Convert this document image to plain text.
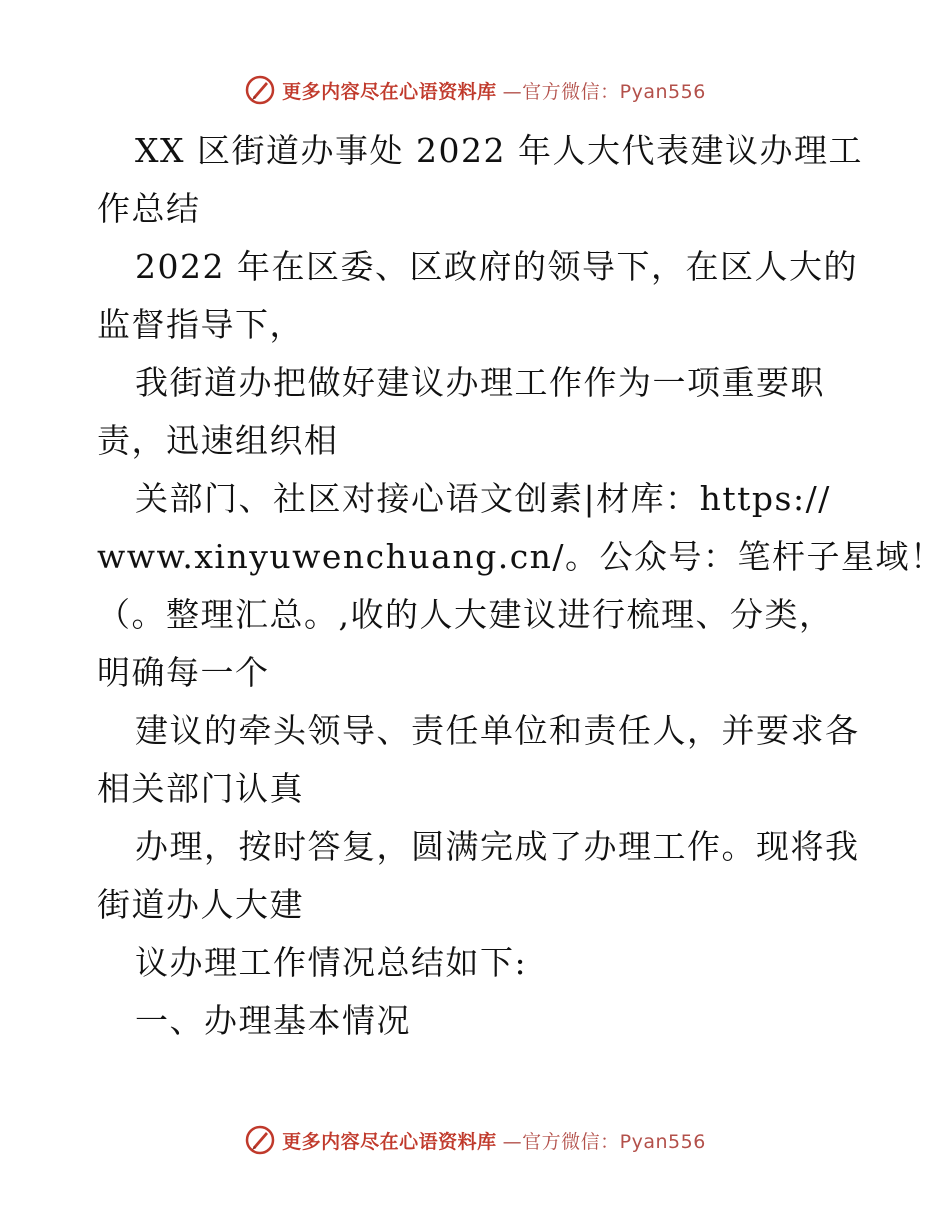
更多内容尽在心语资料库 —官方微信：Pyan556
XX 区街道办事处 2022 年人大代表建议办理工
作总结
2022 年在区委、区政府的领导下，在区人大的
监督指导下，
我街道办把做好建议办理工作作为一项重要职
责，迅速组织相
关部门、社区对接心语文创素|材库：https://
www.xinyuwenchuang.cn/。公众号：笔杆子星域！
（。整理汇总。,收的人大建议进行梳理、分类，
明确每一个
建议的牵头领导、责任单位和责任人，并要求各
相关部门认真
办理，按时答复，圆满完成了办理工作。现将我
街道办人大建
议办理工作情况总结如下:
一、办理基本情况
更多内容尽在心语资料库 —官方微信：Pyan556
